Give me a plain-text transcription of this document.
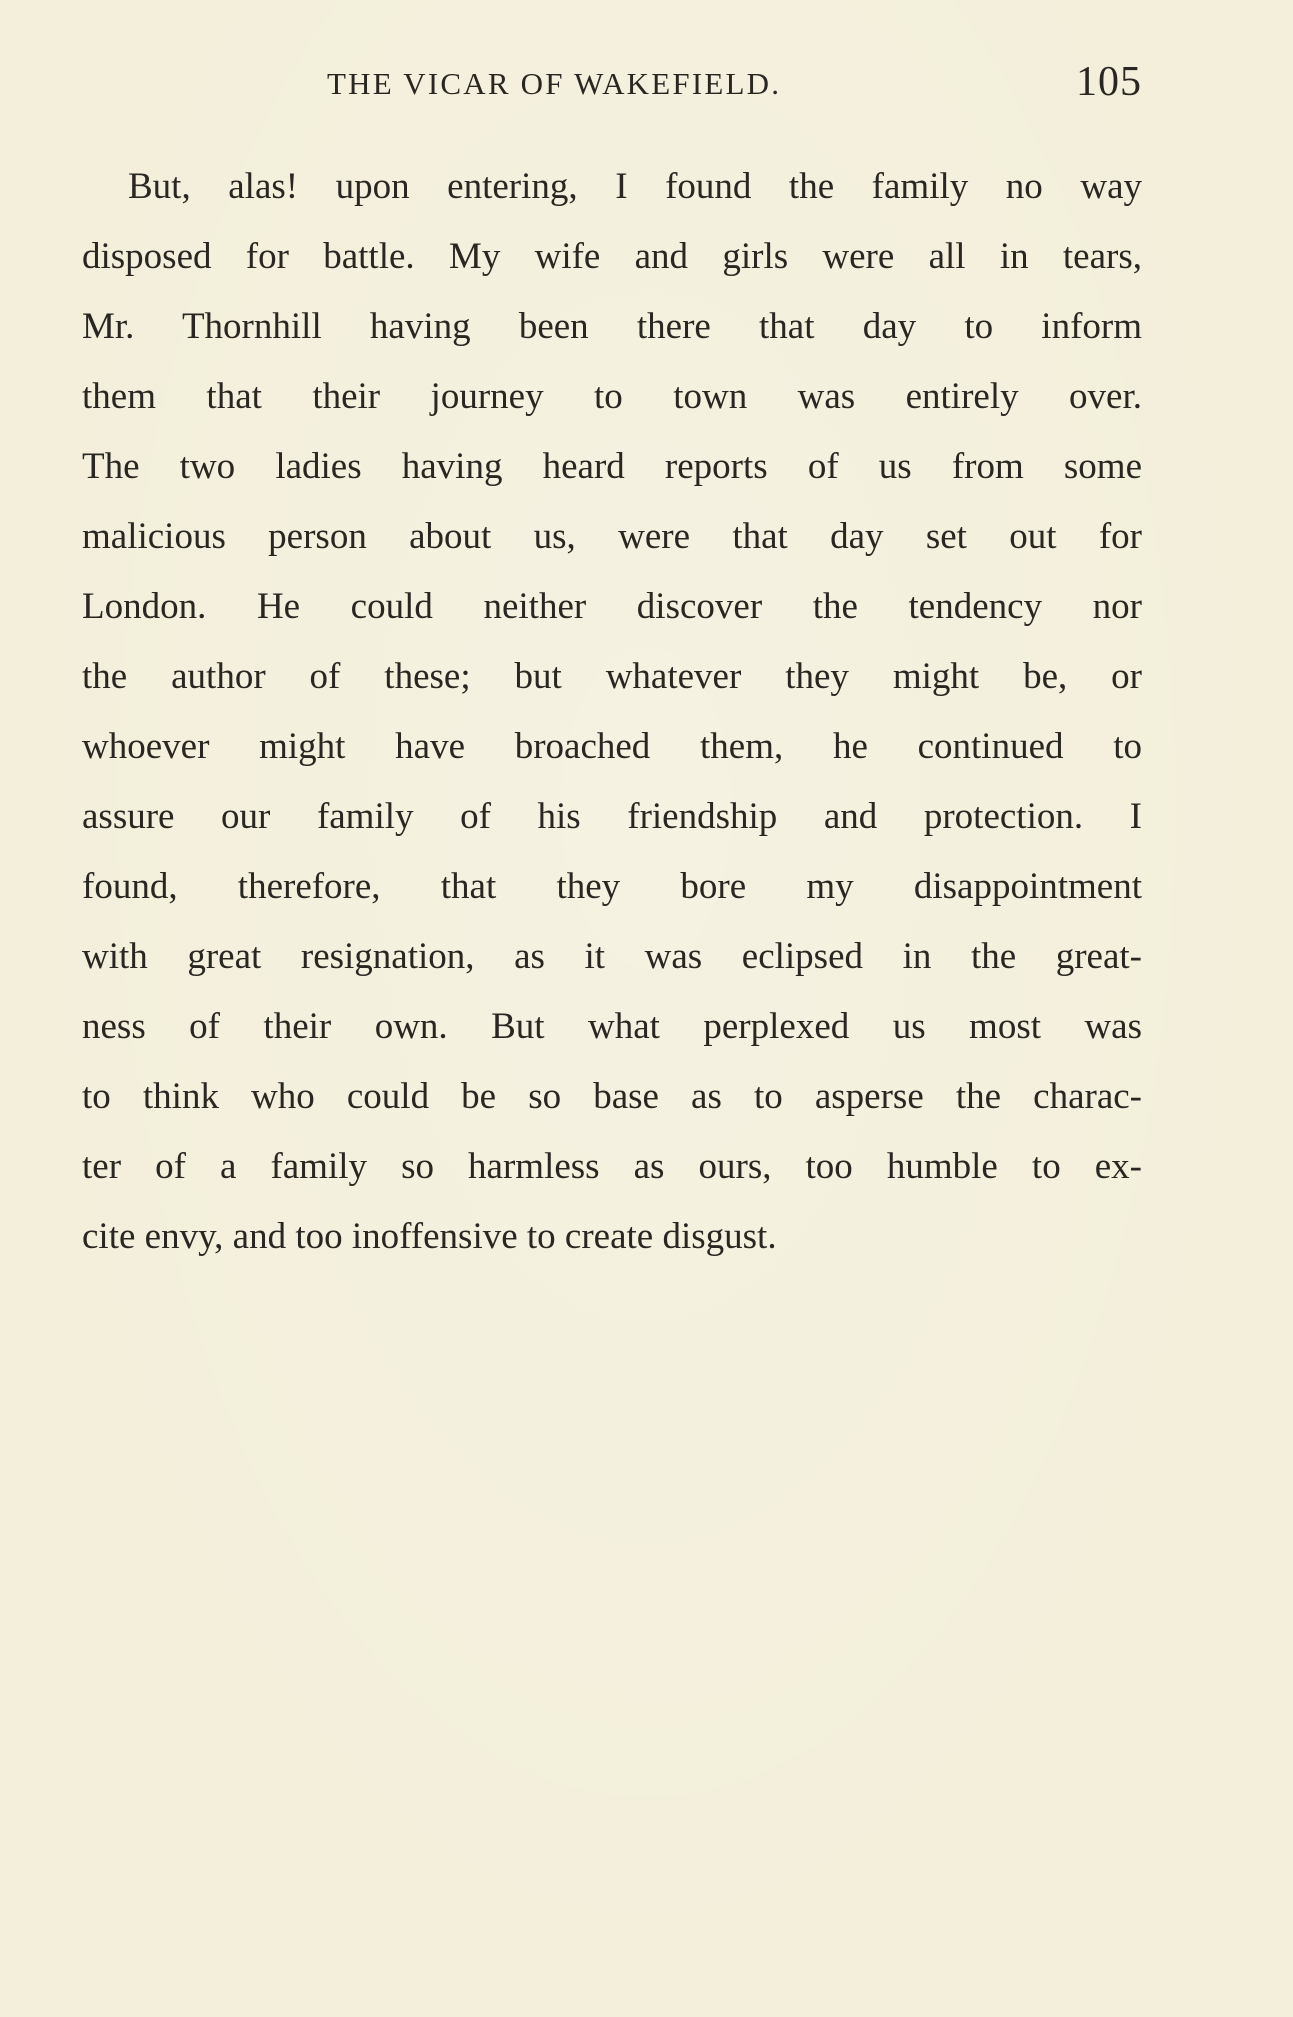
THE VICAR OF WAKEFIELD.	105
But, alas! upon entering, I found the family no way
disposed for battle. My wife and girls were all in tears,
Mr. Thornhill having been there that day to inform
them that their journey to town was entirely over.
The two ladies having heard reports of us from some
malicious person about us, were that day set out for
London. He could neither discover the tendency nor
the author of these; but whatever they might be, or
whoever might have broached them, he continued to
assure our family of his friendship and protection. I
found, therefore, that they bore my disappointment
with great resignation, as it was eclipsed in the great-
ness of their own. But what perplexed us most was
to think who could be so base as to asperse the charac-
ter of a family so harmless as ours, too humble to ex-
cite envy, and too inoffensive to create disgust.
